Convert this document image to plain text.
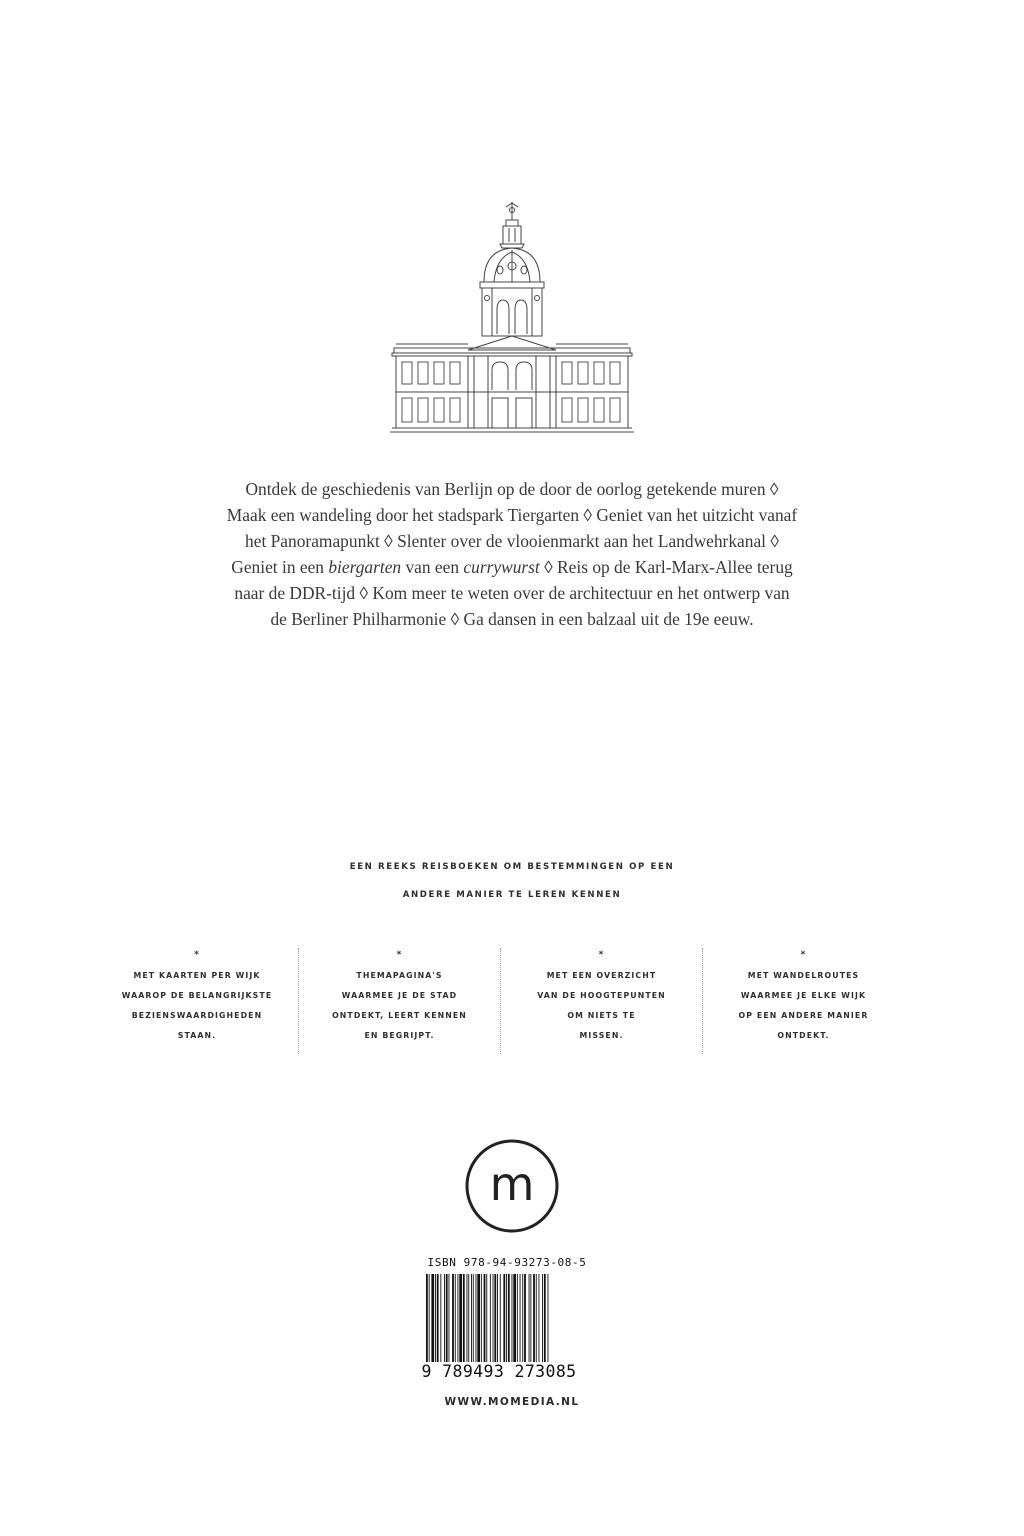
Ontdek de geschiedenis van Berlijn op de door de oorlog getekende muren ◊
Maak een wandeling door het stadspark Tiergarten ◊ Geniet van het uitzicht vanaf
het Panoramapunkt ◊ Slenter over de vlooienmarkt aan het Landwehrkanal ◊
Geniet in een biergarten van een currywurst ◊ Reis op de Karl-Marx-Allee terug
naar de DDR-tijd ◊ Kom meer te weten over de architectuur en het ontwerp van
de Berliner Philharmonie ◊ Ga dansen in een balzaal uit de 19e eeuw.

EEN REEKS REISBOEKEN OM BESTEMMINGEN OP EEN
ANDERE MANIER TE LEREN KENNEN
*
MET KAARTEN PER WIJK
WAAROP DE BELANGRIJKSTE
BEZIENSWAARDIGHEDEN
STAAN.
*
THEMAPAGINA'S
WAARMEE JE DE STAD
ONTDEKT, LEERT KENNEN
EN BEGRIJPT.
*
MET EEN OVERZICHT
VAN DE HOOGTEPUNTEN
OM NIETS TE
MISSEN.
*
MET WANDELROUTES
WAARMEE JE ELKE WIJK
OP EEN ANDERE MANIER
ONTDEKT.
m
ISBN 978-94-93273-08-5
9 789493 273085
WWW.MOMEDIA.NL
